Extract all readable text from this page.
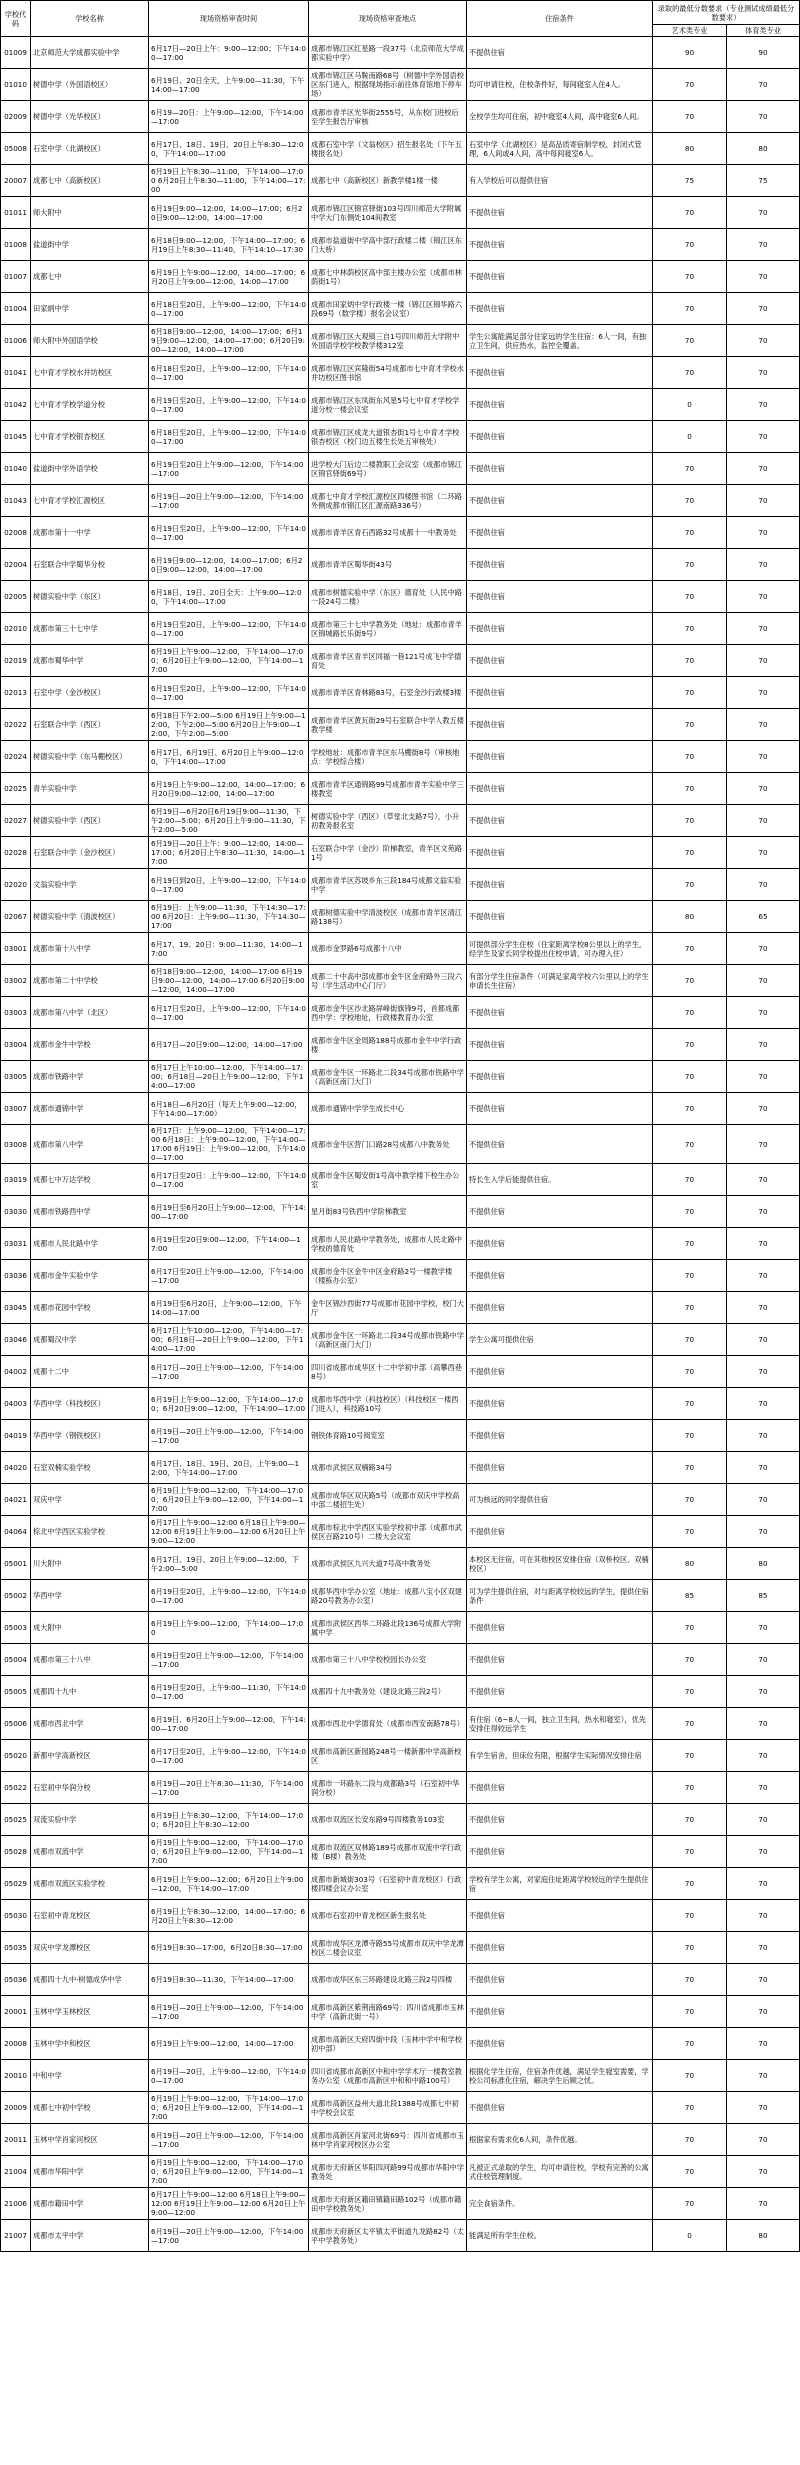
学校代码	学校名称	现场资格审查时间	现场资格审查地点	住宿条件	录取的最低分数要求（专业测试成绩最低分数要求）	
					艺术类专业	体育类专业
01009	北京师范大学成都实验中学	6月17日—20日上午：9:00—12:00；下午14:00—17:00	成都市锦江区红星路一段37号（北京师范大学成都实验中学）	不提供住宿	90	90
01010	树德中学（外国语校区）	6月19日、20日全天，上午9:00—11:30，下午14:00—17:00	成都市锦江区马鞍南路68号（树德中学外国语校区东门进入，根据现场指示前往体育馆地下停车场）	均可申请住校，住校条件好，每间寝室入住4人。	70	70
02009	树德中学（光华校区）	6月19—20日：上午9:00—12:00，下午14:00—17:00	成都市青羊区光华街2555号，从东校门进校后至学生报告厅审核	全校学生均可住宿，初中寝室4人间，高中寝室6人间。	70	70
05008	石室中学（北湖校区）	6月17日、18日、19日、20日上午8:30—12:00，下午14:00—17:00	成都石室中学（文翁校区）招生报名处（下午五楼报名处）	石室中学（北湖校区）是高品质寄宿制学校，封闭式管理，6人间或4人间，高中每间寝室6人。	80	80
20007	成都七中（高新校区）	6月19日上午8:30—11:00，下午14:00—17:00 6月20日上午8:30—11:00，下午14:00—17:00	成都七中（高新校区）新教学楼1楼一楼	有入学校后可以提供住宿	75	75
01011	师大附中	6月19日9:00—12:00，14:00—17:00；6月20日9:00—12:00，14:00—17:00	成都市锦江区锦官驿街103号四川师范大学附属中学大门东侧处104间教室	不提供住宿	70	70
01008	盐道街中学	6月18日9:00—12:00，下午14:00—17:00；6月19日上午8:30—11:40，下午14:10—17:30	成都市盐道街中学高中部行政楼二楼（锦江区东门大桥）	不提供住宿	70	70
01007	成都七中	6月19日上午9:00—12:00，14:00—17:00；6月20日上午9:00—12:00，14:00—17:00	成都七中林荫校区高中部主楼办公室（成都市林荫街1号）	不提供住宿	70	70
01004	田家炳中学	6月18日至20日，上午9:00—12:00，下午14:00—17:00	成都市田家炳中学行政楼一楼（锦江区锦华路六段69号（数学楼）报名会议室）	不提供住宿	70	70
01006	师大附中外国语学校	6月18日9:00—12:00，14:00—17:00；6月19日9:00—12:00，14:00—17:00；6月20日9:00—12:00，14:00—17:00	成都市锦江区大观镇三自1号四川师范大学附中外国语学校学校教学楼312室	学生公寓能满足部分住家远的学生住宿：6人一间，有独立卫生间，供应热水，监控全覆盖。	70	70
01041	七中育才学校水井坊校区	6月18日至20日，上午9:00—12:00，下午14:00—17:00	成都市锦江区宾隆街54号成都市七中育才学校水井坊校区图书馆	不提供住宿	70	70
01042	七中育才学校学道分校	6月19日至20日，上午9:00—12:00，下午14:00—17:00	成都市锦江区东凤街东风星5号七中育才学校学道分校一楼会议室	不提供住宿	0	70
01045	七中育才学校银杏校区	6月18日至20日，上午9:00—12:00，下午14:00—17:00	成都市锦江区成龙大道银杏街1号七中育才学校银杏校区（校门边五楼生长处五审核处）	不提供住宿	0	70
01040	盐道街中学外语学校	6月19日至20日上午9:00—12:00，下午14:00—17:00	进学校大门后边二楼教职工会议室（成都市锦江区锦官驿街69号）	不提供住宿	70	70
01043	七中育才学校汇源校区	6月19日—20日上午9:00—12:00，下午14:00—17:00	成都七中育才学校汇源校区四楼图书馆（二环路外侧成都市锦江区汇源南路336号）	不提供住宿	70	70
02008	成都市第十一中学	6月19日至20日，上午9:00—12:00，下午14:00—17:00	成都市青羊区青石西路32号成都十一中教务处	不提供住宿	70	70
02004	石室联合中学蜀华分校	6月19日9:00—12:00，14:00—17:00；6月20日9:00—12:00，14:00—17:00	成都市青羊区蜀华街43号	不提供住宿	70	70
02005	树德实验中学（东区）	6月18日、19日、20日全天：上午9:00—12:00，下午14:00—17:00	成都市树德实验中学（东区）德育处（人民中路一段24号二楼）	不提供住宿	70	70
02010	成都市第三十七中学	6月19日至20日，上午9:00—12:00，下午14:00—17:00	成都市第三十七中学教务处（地址：成都市青羊区锦城路长乐街9号）	不提供住宿	70	70
02019	成都市蜀华中学	6月19日上午9:00—12:00，下午14:00—17:00；6月20日上午9:00—12:00，下午14:00—17:00	成都市青羊区青羊区同福一巷121号成飞中学德育处	不提供住宿	70	70
02013	石室中学（金沙校区）	6月19日至20日，上午9:00—12:00，下午14:00—17:00	成都市青羊区青林路83号，石室金沙行政楼3楼	不提供住宿	70	70
02022	石室联合中学（西区）	6月18日下午2:00—5:00 6月19日上午9:00—12:00，下午2:00—5:00 6月20日上午9:00—12:00，下午2:00—5:00	成都市青羊区黄瓦街29号石室联合中学人教五楼教学楼	不提供住宿	70	70
02024	树德实验中学（东马棚校区）	6月17日、6月19日、6月20日上午9:00—12:00，下午14:00—17:00	学校地址：成都市青羊区东马棚街8号（审核地点：学校综合楼）	不提供住宿	70	70
02025	青羊实验中学	6月19日上午9:00—12:00，14:00—17:00；6月20日9:00—12:00，14:00—17:00	成都市青羊区通锦路99号成都市青羊实验中学三楼教室	不提供住宿	70	70
02027	树德实验中学（西区）	6月19日—6月20日6月19日9:00—11:30，下午2:00—5:00；6月20日上午9:00—11:30，下午2:00—5:00	树德实验中学（西区）（草堂北支路7号），小升初教务报名室	不提供住宿	70	70
02028	石室联合中学（金沙校区）	6月19日—20日上午：9:00—12:00，14:00—17:00；6月20日上午8:30—11:30，14:00—17:00	石室联合中学（金沙）阶梯教室，青羊区文苑路1号	不提供住宿	70	70
02020	文翁实验中学	6月19日到20日，上午9:00—12:00，下午14:00—17:00	成都市青羊区苏坡乡东三段184号成都文翁实验中学	不提供住宿	70	70
02067	树德实验中学（清波校区）	6月19日：上午9:00—11:30，下午14:30—17:00 6月20日：上午9:00—11:30，下午14:30—17:00	成都树德实验中学清波校区（成都市青羊区清江路138号）	不提供住宿	80	65
03001	成都市第十八中学	6月17、19、20日：9:00—11:30，14:00—17:00	成都市金罗路6号成都十八中	可提供部分学生住校（住家距离学校8公里以上的学生，经学生及家长同学校提出住校申请，可办理入住）	70	70
03002	成都市第二十中学校	6月18日9:00—12:00，14:00—17:00 6月19日9:00—12:00，14:00—17:00 6月20日9:00—12:00，14:00—17:00	成都二十中高中部成都市金牛区金府路外三段六号（学生活动中心门厅）	有部分学生住宿条件（可满足家离学校六公里以上的学生申请长生住宿）	70	70
03003	成都市第八中学（北区）	6月17日至20日，上午9:00—12:00，下午14:00—17:00	成都市金牛区沙北路屏峰街旗锋9号，首都成都西中学：学校地址，行政楼教育办公室	不提供住宿	70	70
03004	成都市金牛中学校	6月17日—20日9:00—12:00，14:00—17:00	成都市金牛区金周路188号成都市金牛中学行政楼	不提供住宿	70	70
03005	成都市铁路中学	6月17日上午10:00—12:00，下午14:00—17:00；6月18日—20日上午9:00—12:00，下午14:00—17:00	成都市金牛区一环路北二段34号成都市铁路中学（高新区南门大门）	不提供住宿	70	70
03007	成都市通锦中学	6月18日—6月20日（每天上午9:00—12:00，下午14:00—17:00）	成都市通锦中学学生成长中心	不提供住宿	70	70
03008	成都市第八中学	6月17日：上午9:00—12:00，下午14:00—17:00 6月18日：上午9:00—12:00，下午14:00—17:00 6月19日：上午9:00—12:00，下午14:00—17:00	成都市金牛区营门口路28号成都八中教务处	不提供住宿	70	70
03019	成都七中万达学校	6月17日至20日：上午9:00—12:00，下午14:00—17:00	成都市金牛区蜀安街1号高中教学楼下校生办公室	特长生入学后能提供住宿。	70	70
03030	成都市铁路西中学	6月19日至6月20日上午9:00—12:00，下午14:00—17:00	星月街83号铁西中学阶梯教室	不提供住宿	70	70
03031	成都市人民北路中学	6月19日至20日9:00—12:00，下午14:00—17:00	成都市人民北路中学教务处，成都市人民北路中学校的德育处	不提供住宿	70	70
03036	成都市金牛实验中学	6月17日至20日上午9:00—12:00，下午14:00—17:00	成都市金牛区金牛中区金府路2号一楼教学楼（楼栋办公室）	不提供住宿	70	70
03045	成都市花园中学校	6月19日至6月20日，上午9:00—12:00，下午14:00—17:00	金牛区锦沙西街77号成都市花园中学校，校门大厅	不提供住宿	70	70
03046	成都蜀汉中学	6月17日上午10:00—12:00，下午14:00—17:00；6月18日—20日上午9:00—12:00，下午14:00—17:00	成都市金牛区一环路北二段34号成都市铁路中学（高新区南门大门）	学生公寓可提供住宿	70	70
04002	成都十二中	6月17日—20日上午9:00—12:00，下午14:00—17:00	四川省成都市成华区十二中学初中部（高攀西巷8号）	不提供住宿	70	70
04003	华西中学（科技校区）	6月19日上午9:00—12:00，下午14:00—17:00；6月20日9:00—12:00，下午14:00—17:00	成都市华西中学（科技校区）（科技校区一楼西门进入），科技路10号	不提供住宿	70	70
04019	华西中学（钢铁校区）	6月19日—20日上午9:00—12:00，下午14:00—17:00	钢铁体育路10号阅览室	不提供住宿	70	70
04020	石室双楠实验学校	6月17日、18日、19日、20日，上午9:00—12:00，下午14:00—17:00	成都市武侯区双楠路34号	不提供住宿	70	70
04021	双庆中学	6月19日上午9:00—12:00，下午14:00—17:00；6月20日上午9:00—12:00，下午14:00—17:00	成都市成华区双庆路5号（成都市双庆中学校高中部二楼招生处）	可为核远的同学提供住宿	70	70
04064	棕北中学西区实验学校	6月17日上午9:00—12:00 6月18日上午9:00—12:00 6月19日上午9:00—12:00 6月20日上午9:00—12:00	成都市棕北中学西区实验学校初中部（成都市武侯区百路210号）二楼大会议室	不提供住宿	70	70
05001	川大附中	6月17日、19日、20日上午9:00—12:00，下午2:00—5:00	成都市武侯区九兴大道7号高中教务处	本校区无住宿，可在其他校区安排住宿（双桥校区、双楠校区）	80	80
05002	华西中学	6月19日至20日，上午9:00—12:00，下午14:00—17:00	成都华西中学办公室（地址：成都八宝小区双建路20号教务办公室）	可为学生提供住宿，对与距离学校较远的学生，提供住宿条件	85	85
05003	成大附中	6月19日上午9:00—12:00，下午14:00—17:00	成都市武侯区西华二环路北段136号成都大学附属中学	不提供住宿	70	70
05004	成都市第三十八中	6月19日至20日上午9:00—12:00，下午14:00—17:00	成都市第三十八中学校校园长办公室	不提供住宿	70	70
05005	成都四十九中	6月19日至20日，上午9:00—11:30，下午14:00—17:00	成都四十九中教务处（建设北路三段2号）	不提供住宿	70	70
05006	成都市西北中学	6月19日、6月20日上午9:00—12:00，下午14:00—17:00	成都市西北中学德育处（成都市西安南路78号）	有住宿（6~8人一间，独立卫生间，热水和寝室），优先安排住得较远学生	70	70
05020	新都中学高新校区	6月17日至20日，上午9:00—12:00，下午14:00—17:00	成都市高新区新园路248号一楼新都中学高新校区	有学生宿舍，但床位有限，根据学生实际情况安排住宿	70	70
05022	石室初中华润分校	6月19日—20日上午8:30—11:30，下午14:00—17:00	成都市一环路东二段与成都路3号（石室初中华润分校）	不提供住宿	70	70
05025	双流实验中学	6月19日上午8:30—12:00，下午14:00—17:00；6月20日上午8:30—12:00	成都市双流区长安东路9号四楼教务103室	不提供住宿	70	70
05028	成都市双流中学	6月19日上午9:00—12:00，下午14:00—17:00；6月20日上午9:00—12:00，下午14:00—17:00	成都市双流区双林路189号成都市双流中学行政楼（B楼）教务处	不提供住宿	70	70
05029	成都市双流区实验学校	6月19日上午9:00—12:00；6月20日上午9:00—12:00，下午14:00—17:00	成都市新城街303号（石室初中青龙校区）行政楼四楼会议办公室	学校有学生公寓，对家庭住址距离学校较远的学生提供住宿	70	70
05030	石室初中青龙校区	6月19日上午8:30—12:00，14:00—17:00；6月20日上午8:30—12:00	成都市石室初中青龙校区新生报名处	不提供住宿	70	70
05035	双庆中学龙潭校区	6月19日8:30—17:00，6月20日8:30—17:00	成都市成华区龙潭寺路55号成都市双庆中学龙潭校区二楼会议室	不提供住宿	70	70
05036	成都四十九中·树德成华中学	6月19日8:30—11:30，下午14:00—17:00	成都市成华区东三环路建设北路三段2号四楼	不提供住宿	70	70
20001	玉林中学玉林校区	6月19日—20日上午9:00—12:00，下午14:00—17:00	成都市高新区紫荆南路69号：四川省成都市玉林中学（高新北街一号）	不提供住宿	70	70
20008	玉林中学中和校区	6月19日上午9:00—12:00，14:00—17:00	成都市高新区天府四街中段（玉林中学中和学校初中部）	不提供住宿	70	70
20010	中和中学	6月19日—20日，上午9:00—12:00，下午14:00—17:00	四川省成都市高新区中和中学学术厅一楼教室教务办公室（成都市高新区中和和中路100号）	根据化学生住宿，住宿条件优越，满足学生寝室需要，学校公司标准化住宿，解决学生后顾之忧。	70	70
20009	成都七中初中学校	6月19日上午9:00—12:00，下午14:00—17:00；6月20日上午9:00—12:00，下午14:00—17:00	成都市高新区益州大道北段1388号成都七中初中学校会议室	不提供住宿	70	70
20011	玉林中学肖家河校区	6月19日—20日上午9:00—12:00，下午14:00—17:00	成都市高新区肖家河北街69号：四川省成都市玉林中学肖家河校区办公室	根据家有需求化6人间，条件优越。	70	70
21004	成都市华阳中学	6月19日上午9:00—12:00，下午14:00—17:00；6月20日上午9:00—12:00，下午14:00—17:00	成都市天府新区华阳四河路99号成都市华阳中学教务处	凡被正式录取的学生，均可申请住校，学校有完善的公寓式住校管理制度。	70	70
21006	成都市籍田中学	6月17日上午9:00—12:00 6月18日上午9:00—12:00 6月19日上午9:00—12:00 6月20日上午9:00—12:00	成都市天府新区籍田镇籍田路102号（成都市籍田中学校教务处）	完全食宿条件。	70	70
21007	成都市太平中学	6月19日—20日上午9:00—12:00，下午14:00—17:00	成都市天府新区太平镇太平街道九龙路82号（太平中学教务处）	能满足所有学生住校。	0	80
